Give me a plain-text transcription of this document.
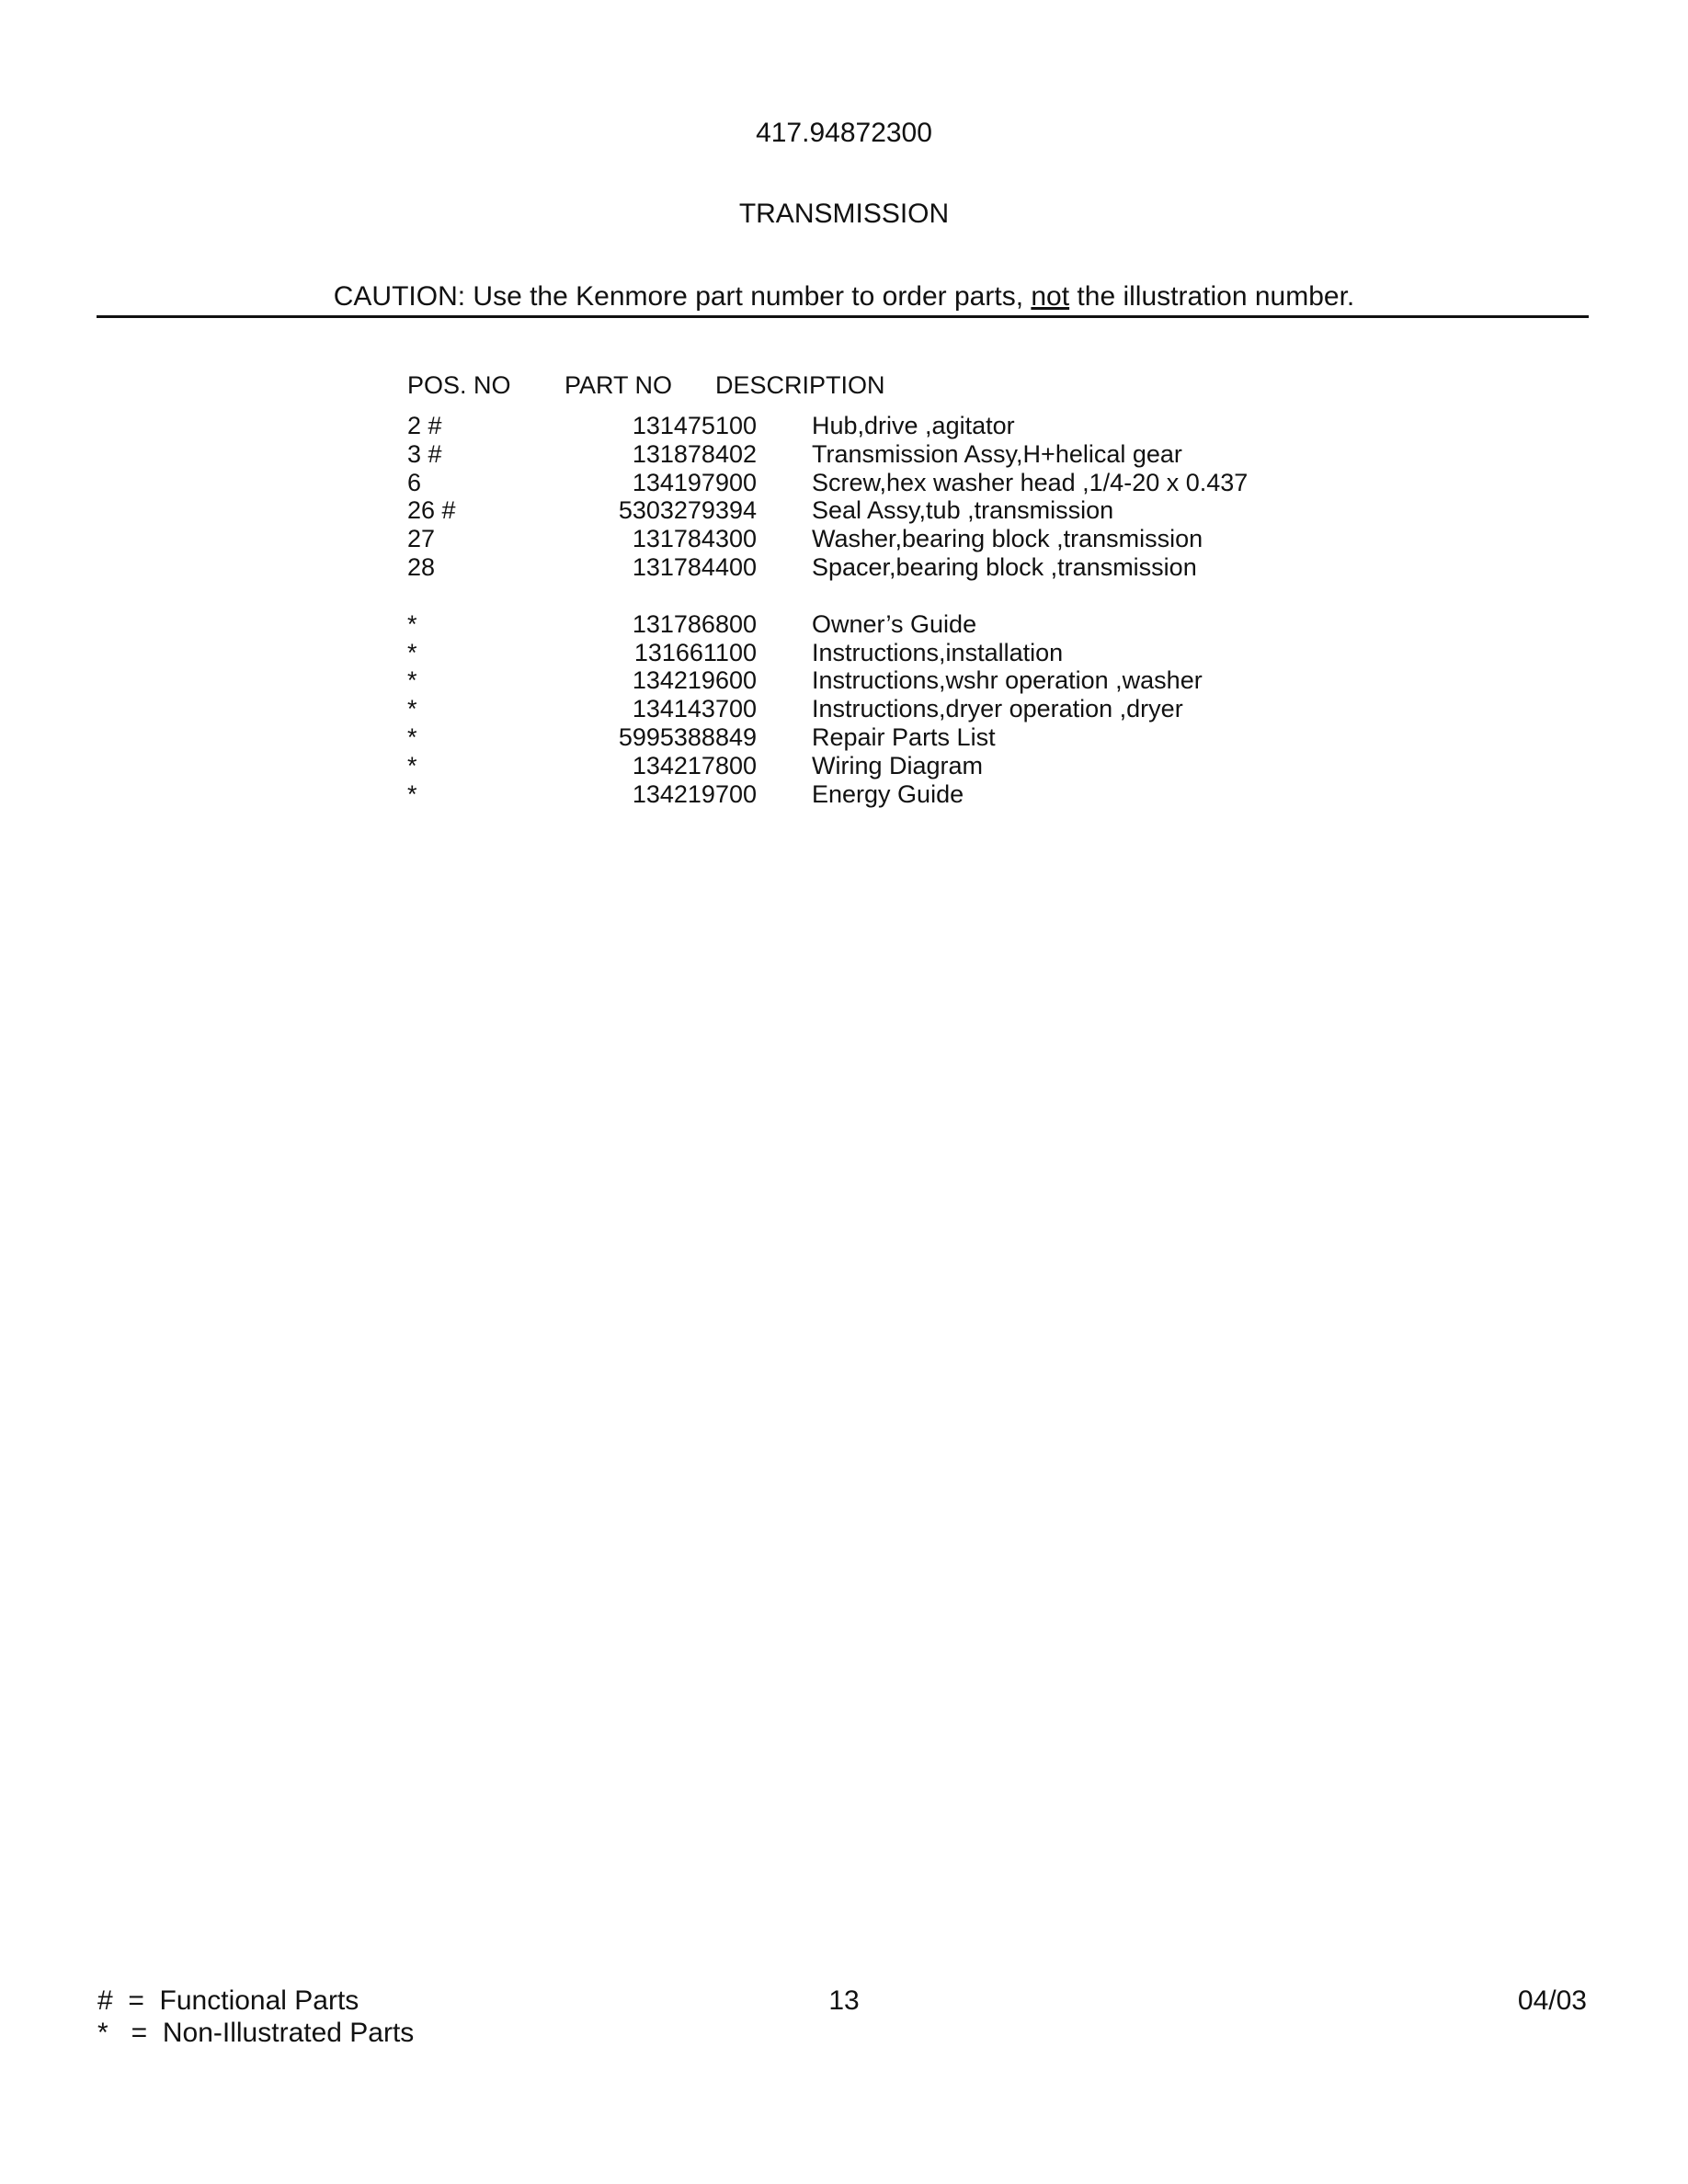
417.94872300
TRANSMISSION
CAUTION: Use the Kenmore part number to order parts, not the illustration number.
POS. NO PART NO DESCRIPTION
2 #	131475100 Hub,drive ,agitator
3 #	131878402 Transmission Assy,H+helical gear
6	134197900 Screw,hex washer head ,1/4-20 x 0.437
26 #	5303279394 Seal Assy,tub ,transmission
27	131784300 Washer,bearing block ,transmission
28	131784400 Spacer,bearing block ,transmission
*	131786800 Owner’s Guide
*	131661100 Instructions,installation
*	134219600 Instructions,wshr operation ,washer
*	134143700 Instructions,dryer operation ,dryer
*	5995388849 Repair Parts List
*	134217800 Wiring Diagram
*	134219700 Energy Guide
#  =  Functional Parts
*   =  Non-Illustrated Parts
13	04/03
